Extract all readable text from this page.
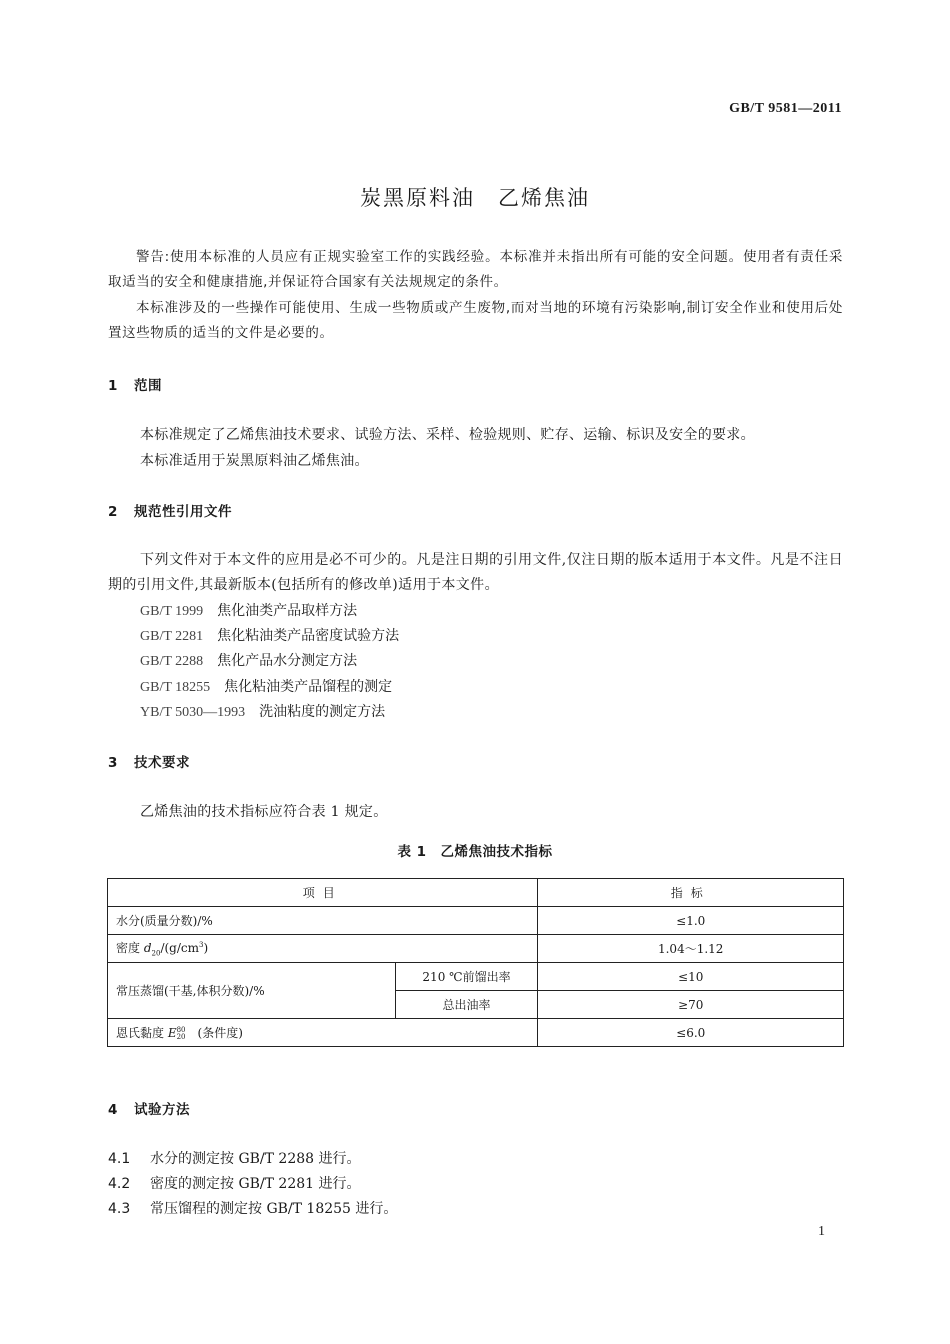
GB/T 9581—2011
炭黑原料油　乙烯焦油
警告:使用本标准的人员应有正规实验室工作的实践经验。本标准并未指出所有可能的安全问题。使用者有责任采取适当的安全和健康措施,并保证符合国家有关法规规定的条件。
本标准涉及的一些操作可能使用、生成一些物质或产生废物,而对当地的环境有污染影响,制订安全作业和使用后处置这些物质的适当的文件是必要的。
1 范围
本标准规定了乙烯焦油技术要求、试验方法、采样、检验规则、贮存、运输、标识及安全的要求。
本标准适用于炭黑原料油乙烯焦油。
2 规范性引用文件
下列文件对于本文件的应用是必不可少的。凡是注日期的引用文件,仅注日期的版本适用于本文件。凡是不注日期的引用文件,其最新版本(包括所有的修改单)适用于本文件。
GB/T 1999　 焦化油类产品取样方法
GB/T 2281　 焦化粘油类产品密度试验方法
GB/T 2288　 焦化产品水分测定方法
GB/T 18255　 焦化粘油类产品馏程的测定
YB/T 5030—1993　 洗油粘度的测定方法
3 技术要求
乙烯焦油的技术指标应符合表 1 规定。
表 1　乙烯焦油技术指标
项目		指标
水分(质量分数)/%		≤1.0
密度 $d_{20}/(g/cm^3)$		1.04～1.12
常压蒸馏(干基,体积分数)/%	210 ℃前馏出率	≤10
	总出油率	≥70
恩氏黏度 E 80
20 　(条件度)		≤6.0
4 试验方法
4.1 水分的测定按 GB/T 2288 进行。
4.2 密度的测定按 GB/T 2281 进行。
4.3 常压馏程的测定按 GB/T 18255 进行。
1
